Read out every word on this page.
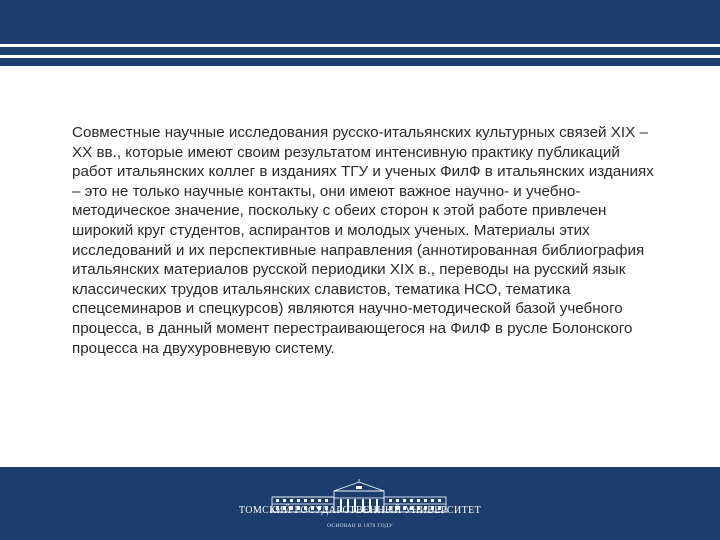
Совместные научные исследования русско-итальянских культурных связей XIX – XX вв., которые имеют своим результатом интенсивную практику публикаций работ итальянских коллег в изданиях ТГУ и ученых ФилФ в итальянских изданиях – это не только научные контакты, они имеют важное научно- и учебно-методическое значение, поскольку с обеих сторон к этой работе привлечен широкий круг студентов, аспирантов и молодых ученых. Материалы этих исследований и их перспективные направления (аннотированная библиография итальянских материалов русской периодики XIX в., переводы на русский язык классических трудов итальянских славистов, тематика НСО, тематика спецсеминаров и спецкурсов) являются научно-методической базой учебного процесса, в данный момент перестраивающегося на ФилФ в русле Болонского процесса на двухуровневую систему.

ТОМСКИЙ ГОСУДАРСТВЕННЫЙ УНИВЕРСИТЕТ
ОСНОВАН В 1878 ГОДУ
